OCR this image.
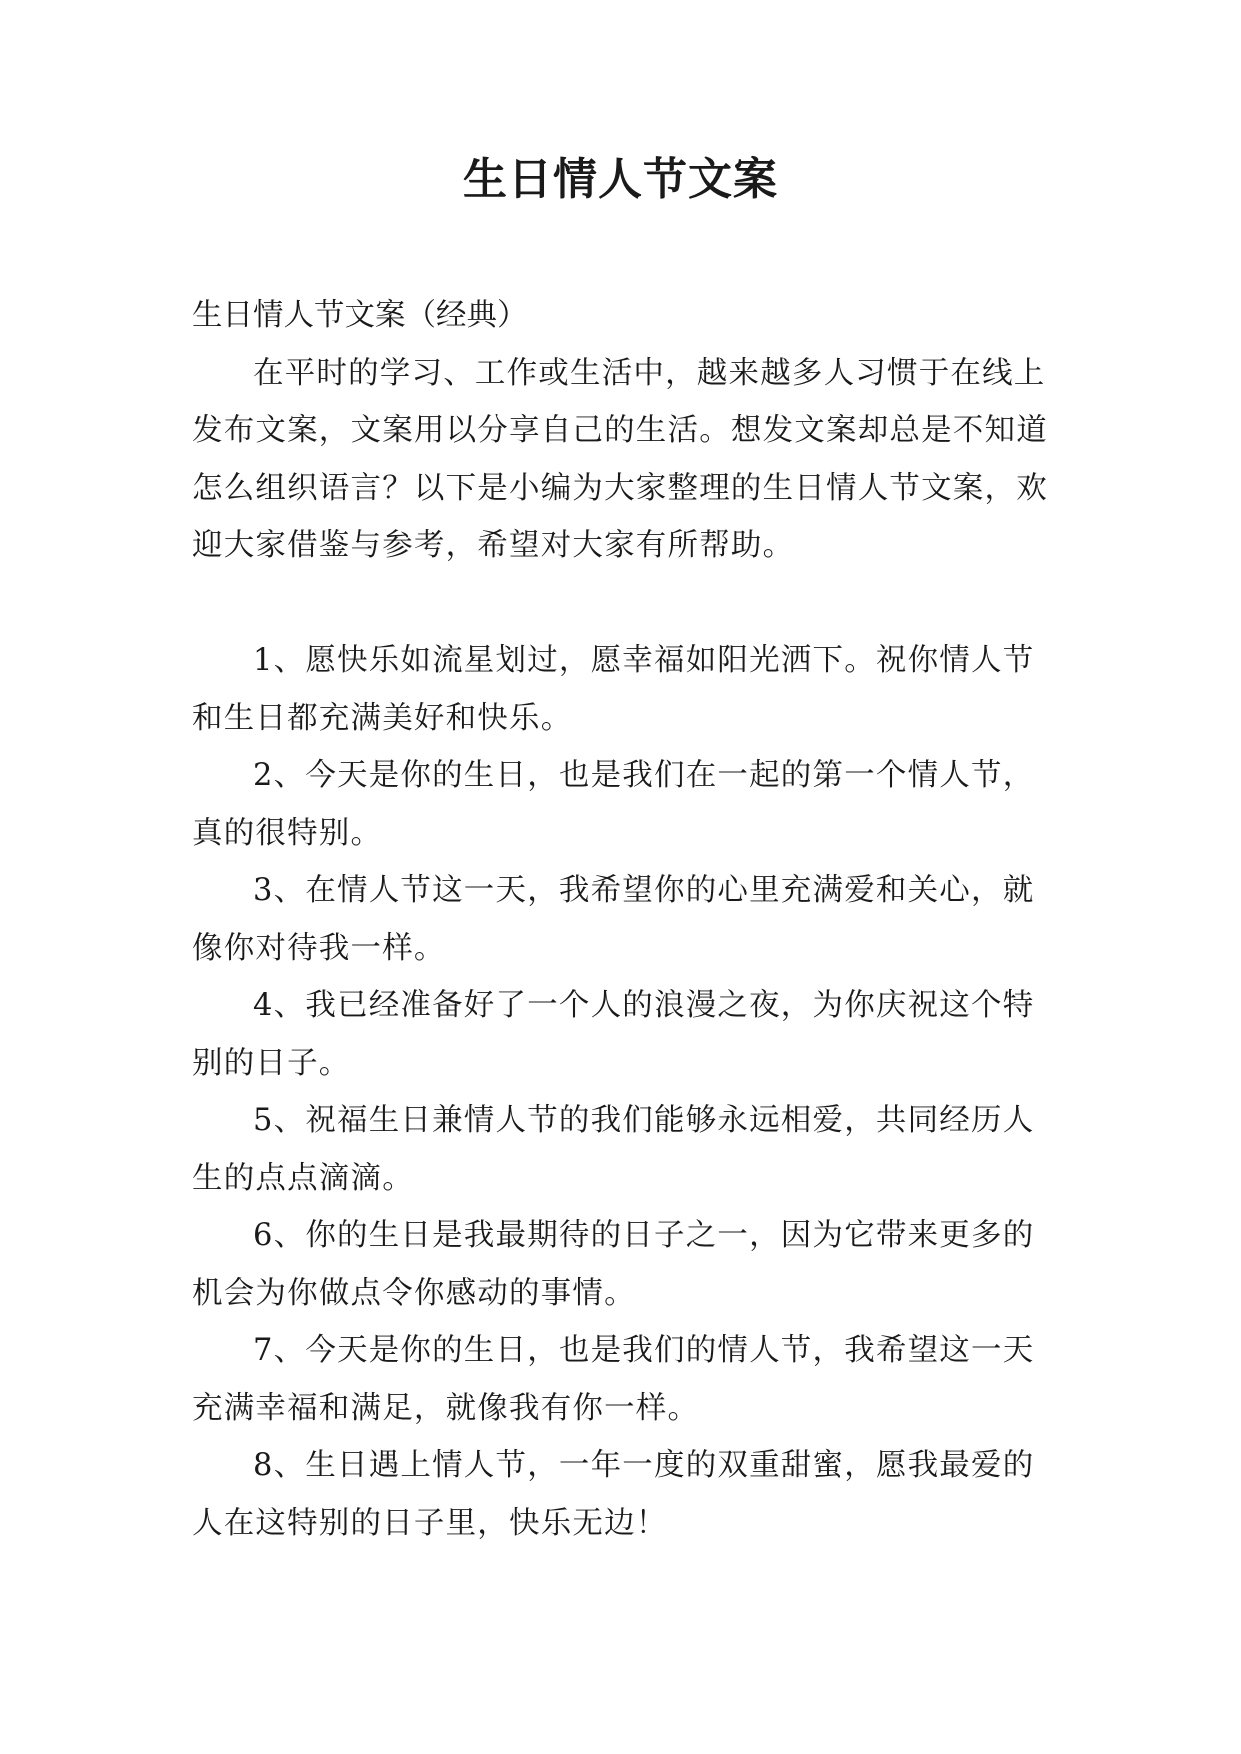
生日情人节文案

生日情人节文案（经典）

在平时的学习、工作或生活中，越来越多人习惯于在线上发布文案，文案用以分享自己的生活。想发文案却总是不知道怎么组织语言？以下是小编为大家整理的生日情人节文案，欢迎大家借鉴与参考，希望对大家有所帮助。

1、愿快乐如流星划过，愿幸福如阳光洒下。祝你情人节和生日都充满美好和快乐。

2、今天是你的生日，也是我们在一起的第一个情人节，真的很特别。

3、在情人节这一天，我希望你的心里充满爱和关心，就像你对待我一样。

4、我已经准备好了一个人的浪漫之夜，为你庆祝这个特别的日子。

5、祝福生日兼情人节的我们能够永远相爱，共同经历人生的点点滴滴。

6、你的生日是我最期待的日子之一，因为它带来更多的机会为你做点令你感动的事情。

7、今天是你的生日，也是我们的情人节，我希望这一天充满幸福和满足，就像我有你一样。

8、生日遇上情人节，一年一度的双重甜蜜，愿我最爱的人在这特别的日子里，快乐无边！
